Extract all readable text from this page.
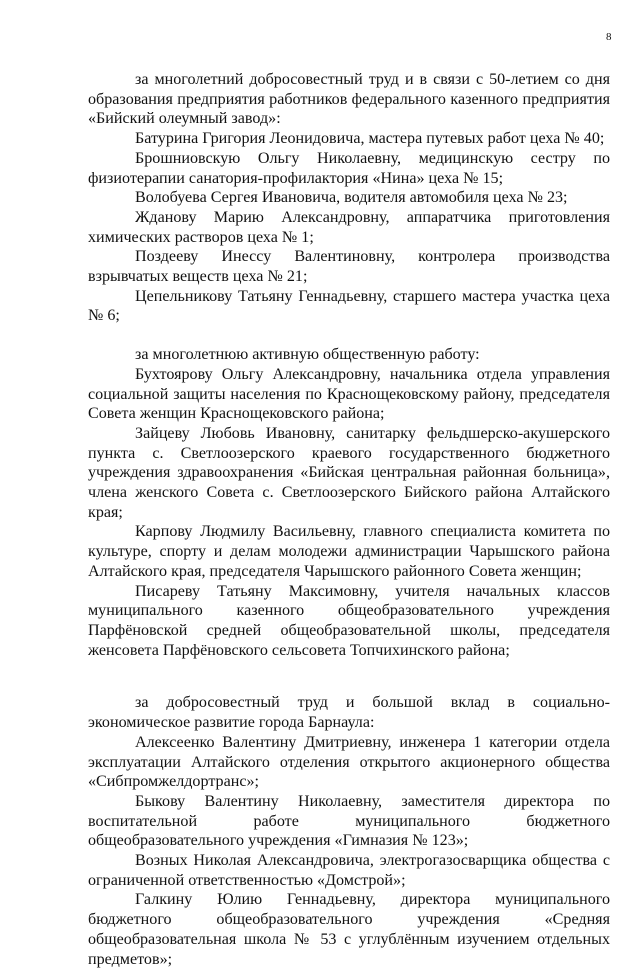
8
за многолетний добросовестный труд и в связи с 50-летием со дня образования предприятия работников федерального казенного предприятия «Бийский олеумный завод»:
Батурина Григория Леонидовича, мастера путевых работ цеха № 40;
Брошниовскую Ольгу Николаевну, медицинскую сестру по физиотерапии санатория-профилактория «Нина» цеха № 15;
Волобуева Сергея Ивановича, водителя автомобиля цеха № 23;
Жданову Марию Александровну, аппаратчика приготовления химических растворов цеха № 1;
Поздееву Инессу Валентиновну, контролера производства взрывчатых веществ цеха № 21;
Цепельникову Татьяну Геннадьевну, старшего мастера участка цеха № 6;
за многолетнюю активную общественную работу:
Бухтоярову Ольгу Александровну, начальника отдела управления социальной защиты населения по Краснощековскому району, председателя Совета женщин Краснощековского района;
Зайцеву Любовь Ивановну, санитарку фельдшерско-акушерского пункта с. Светлоозерского краевого государственного бюджетного учреждения здравоохранения «Бийская центральная районная больница», члена женского Совета с. Светлоозерского Бийского района Алтайского края;
Карпову Людмилу Васильевну, главного специалиста комитета по культуре, спорту и делам молодежи администрации Чарышского района Алтайского края, председателя Чарышского районного Совета женщин;
Писареву Татьяну Максимовну, учителя начальных классов муниципального казенного общеобразовательного учреждения Парфёновской средней общеобразовательной школы, председателя женсовета Парфёновского сельсовета Топчихинского района;
за добросовестный труд и большой вклад в социально-экономическое развитие города Барнаула:
Алексеенко Валентину Дмитриевну, инженера 1 категории отдела эксплуатации Алтайского отделения открытого акционерного общества «Сибпромжелдортранс»;
Быкову Валентину Николаевну, заместителя директора по воспитательной работе муниципального бюджетного общеобразовательного учреждения «Гимназия № 123»;
Возных Николая Александровича, электрогазосварщика общества с ограниченной ответственностью «Домстрой»;
Галкину Юлию Геннадьевну, директора муниципального бюджетного общеобразовательного учреждения «Средняя общеобразовательная школа № 53 с углублённым изучением отдельных предметов»;
